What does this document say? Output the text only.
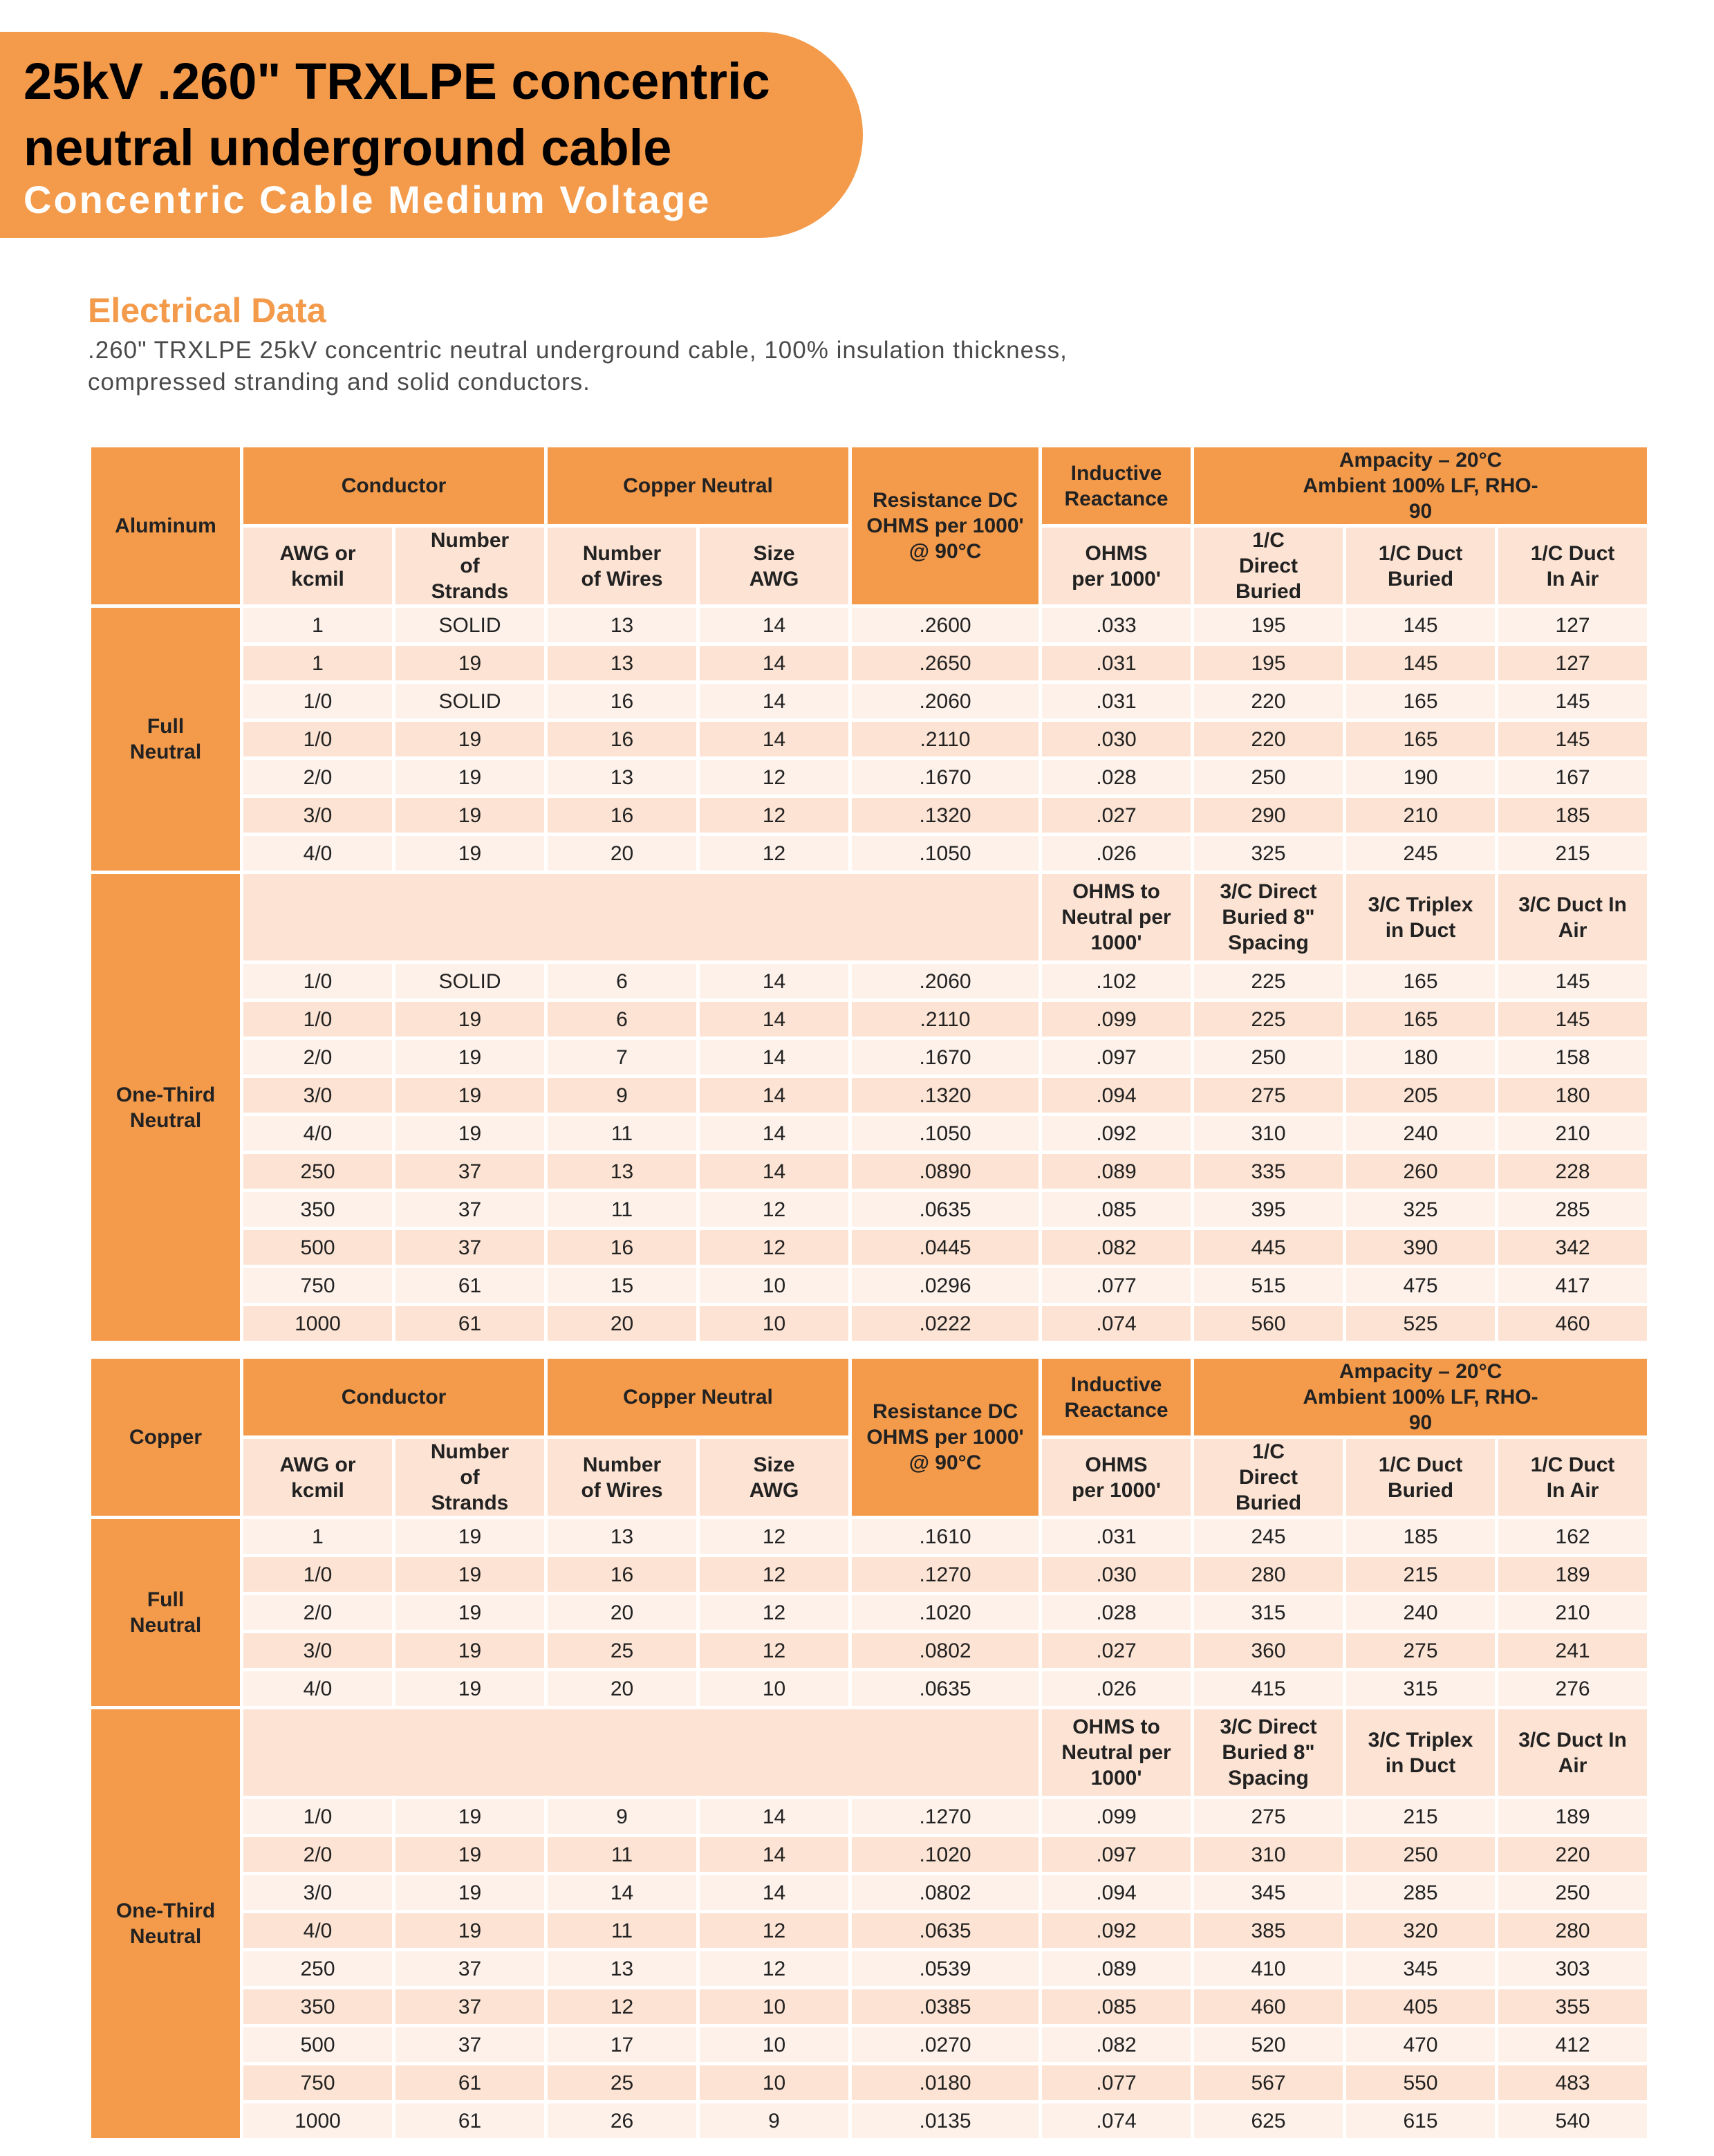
25kV .260" TRXLPE concentric
neutral underground cable
Concentric Cable Medium Voltage
Electrical Data
.260" TRXLPE 25kV concentric neutral underground cable, 100% insulation thickness, compressed stranding and solid conductors.
Aluminum	Conductor		Copper Neutral		Resistance DC OHMS per 1000' @ 90°C	Inductive Reactance	Ampacity – 20°C Ambient 100% LF, RHO-90		
	AWG or kcmil	Number of Strands	Number of Wires	Size AWG		OHMS per 1000'	1/C Direct Buried	1/C Duct Buried	1/C Duct In Air
Full Neutral	1	SOLID	13	14	.2600	.033	195	145	127
	1	19	13	14	.2650	.031	195	145	127
	1/0	SOLID	16	14	.2060	.031	220	165	145
	1/0	19	16	14	.2110	.030	220	165	145
	2/0	19	13	12	.1670	.028	250	190	167
	3/0	19	16	12	.1320	.027	290	210	185
	4/0	19	20	12	.1050	.026	325	245	215
One-Third Neutral						OHMS to Neutral per 1000'	3/C Direct Buried 8" Spacing	3/C Triplex in Duct	3/C Duct In Air
	1/0	SOLID	6	14	.2060	.102	225	165	145
	1/0	19	6	14	.2110	.099	225	165	145
	2/0	19	7	14	.1670	.097	250	180	158
	3/0	19	9	14	.1320	.094	275	205	180
	4/0	19	11	14	.1050	.092	310	240	210
	250	37	13	14	.0890	.089	335	260	228
	350	37	11	12	.0635	.085	395	325	285
	500	37	16	12	.0445	.082	445	390	342
	750	61	15	10	.0296	.077	515	475	417
	1000	61	20	10	.0222	.074	560	525	460
Copper	Conductor		Copper Neutral		Resistance DC OHMS per 1000' @ 90°C	Inductive Reactance	Ampacity – 20°C Ambient 100% LF, RHO-90		
	AWG or kcmil	Number of Strands	Number of Wires	Size AWG		OHMS per 1000'	1/C Direct Buried	1/C Duct Buried	1/C Duct In Air
Full Neutral	1	19	13	12	.1610	.031	245	185	162
	1/0	19	16	12	.1270	.030	280	215	189
	2/0	19	20	12	.1020	.028	315	240	210
	3/0	19	25	12	.0802	.027	360	275	241
	4/0	19	20	10	.0635	.026	415	315	276
One-Third Neutral						OHMS to Neutral per 1000'	3/C Direct Buried 8" Spacing	3/C Triplex in Duct	3/C Duct In Air
	1/0	19	9	14	.1270	.099	275	215	189
	2/0	19	11	14	.1020	.097	310	250	220
	3/0	19	14	14	.0802	.094	345	285	250
	4/0	19	11	12	.0635	.092	385	320	280
	250	37	13	12	.0539	.089	410	345	303
	350	37	12	10	.0385	.085	460	405	355
	500	37	17	10	.0270	.082	520	470	412
	750	61	25	10	.0180	.077	567	550	483
	1000	61	26	9	.0135	.074	625	615	540
